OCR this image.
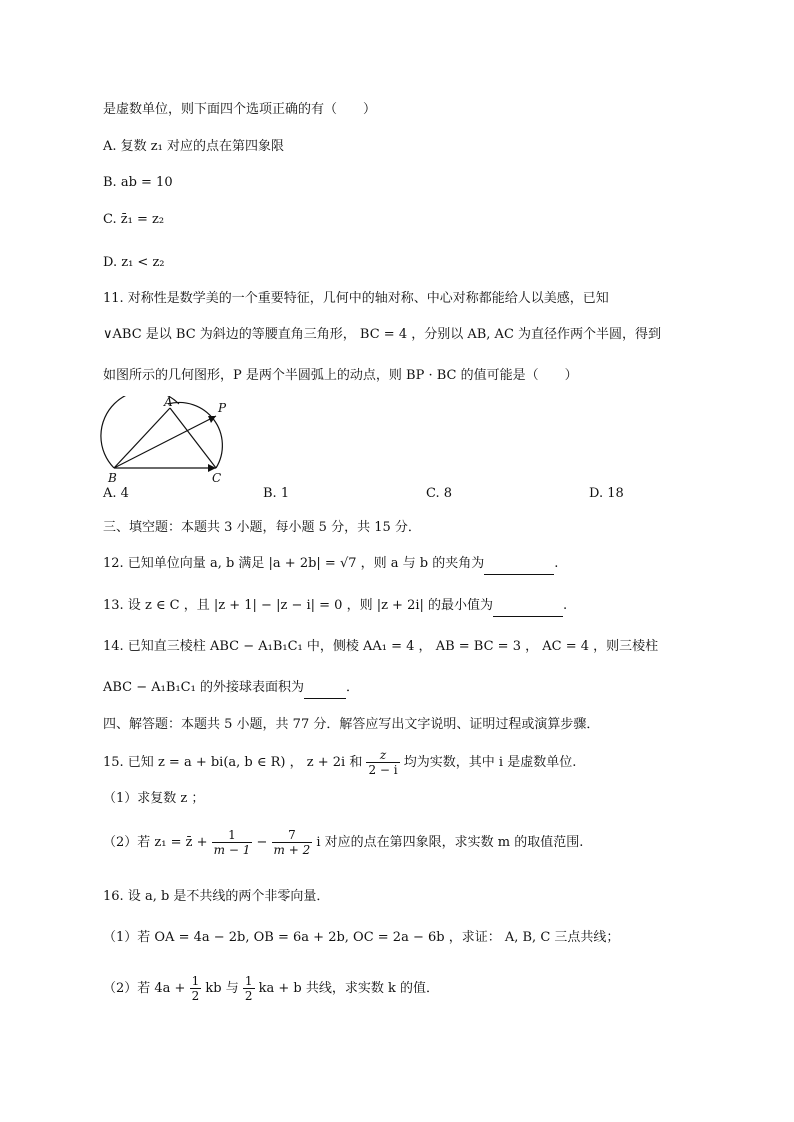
是虚数单位，则下面四个选项正确的有（　　）
A. 复数 z₁ 对应的点在第四象限
B. ab = 10
C. z̄₁ = z₂
D. z₁ < z₂
11. 对称性是数学美的一个重要特征，几何中的轴对称、中心对称都能给人以美感，已知
∨ABC 是以 BC 为斜边的等腰直角三角形， BC = 4 ，分别以 AB, AC 为直径作两个半圆，得到
如图所示的几何图形，P 是两个半圆弧上的动点，则 BP · BC 的值可能是（　　）
A	P
B	C
A. 4	B. 1	C. 8	D. 18
三、填空题：本题共 3 小题，每小题 5 分，共 15 分．
12. 已知单位向量 a, b 满足 |a + 2b| = √7 ，则 a 与 b 的夹角为	.
13. 设 z ∈ C ，且 |z + 1| − |z − i| = 0 ，则 |z + 2i| 的最小值为	.
14. 已知直三棱柱 ABC − A₁B₁C₁ 中，侧棱 AA₁ = 4 ， AB = BC = 3 ， AC = 4 ，则三棱柱
ABC − A₁B₁C₁ 的外接球表面积为	．
四、解答题：本题共 5 小题，共 77 分．解答应写出文字说明、证明过程或演算步骤．
15. 已知 z = a + bi(a, b ∈ R) ， z + 2i 和 $\frac{z}{2 - i}$ 均为实数，其中 i 是虚数单位.
（1）求复数 z ；
（2）若 z₁ = z̄ + $\frac{1}{m - 1} - \frac{7}{m + 2}$ i 对应的点在第四象限，求实数 m 的取值范围.
16. 设 a, b 是不共线的两个非零向量．
（1）若 OA = 4a − 2b, OB = 6a + 2b, OC = 2a − 6b ，求证： A, B, C 三点共线；
（2）若 $4a + \frac{1}{2}$ kb 与 $\frac{1}{2}$ ka + b 共线，求实数 k 的值．
